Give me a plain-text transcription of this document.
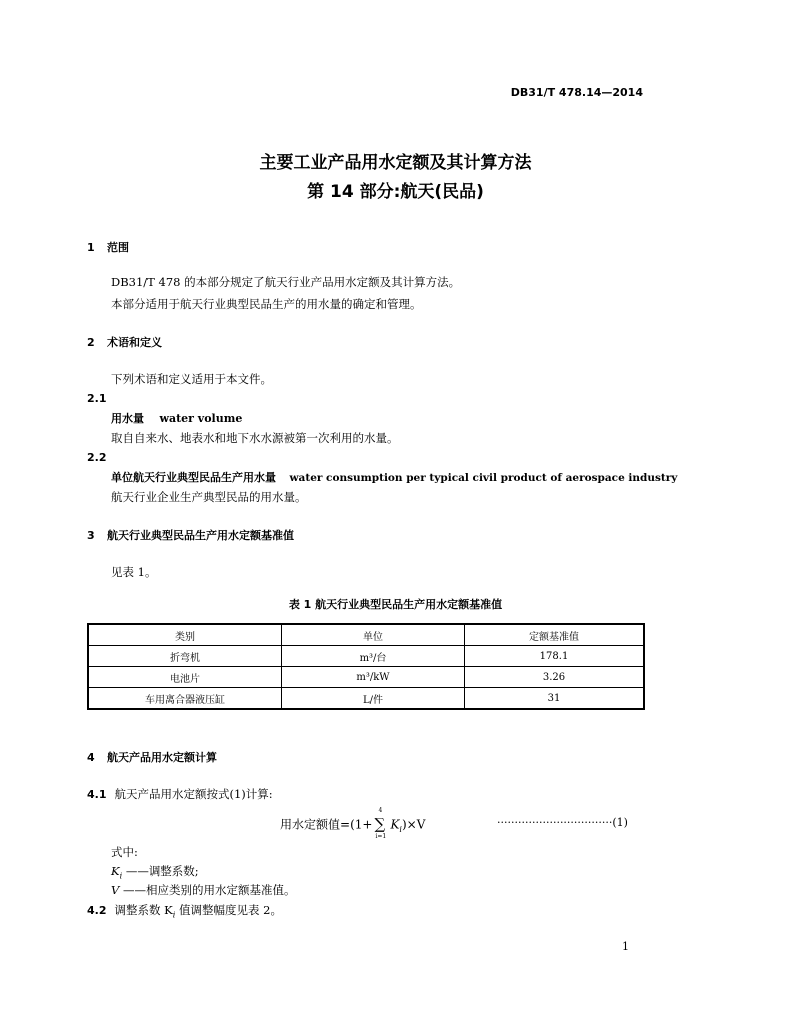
DB31/T 478.14—2014
主要工业产品用水定额及其计算方法
第 14 部分:航天(民品)
1 范围
DB31/T 478 的本部分规定了航天行业产品用水定额及其计算方法。
本部分适用于航天行业典型民品生产的用水量的确定和管理。
2 术语和定义
下列术语和定义适用于本文件。
2.1
用水量 water volume
取自自来水、地表水和地下水水源被第一次利用的水量。
2.2
单位航天行业典型民品生产用水量 water consumption per typical civil product of aerospace industry
航天行业企业生产典型民品的用水量。
3 航天行业典型民品生产用水定额基准值
见表 1。
表 1 航天行业典型民品生产用水定额基准值
类别	单位	定额基准值
折弯机	m³/台	178.1
电池片	m³/kW	3.26
车用离合器液压缸	L/件	31
4 航天产品用水定额计算
4.1 航天产品用水定额按式(1)计算:
用水定额值=(1+
4
∑
i=1
$K_i)\times V$	·································(1)
式中:
$K_i$ ——调整系数;
V ——相应类别的用水定额基准值。
4.2 调整系数 $K_i$ 值调整幅度见表 2。
1
